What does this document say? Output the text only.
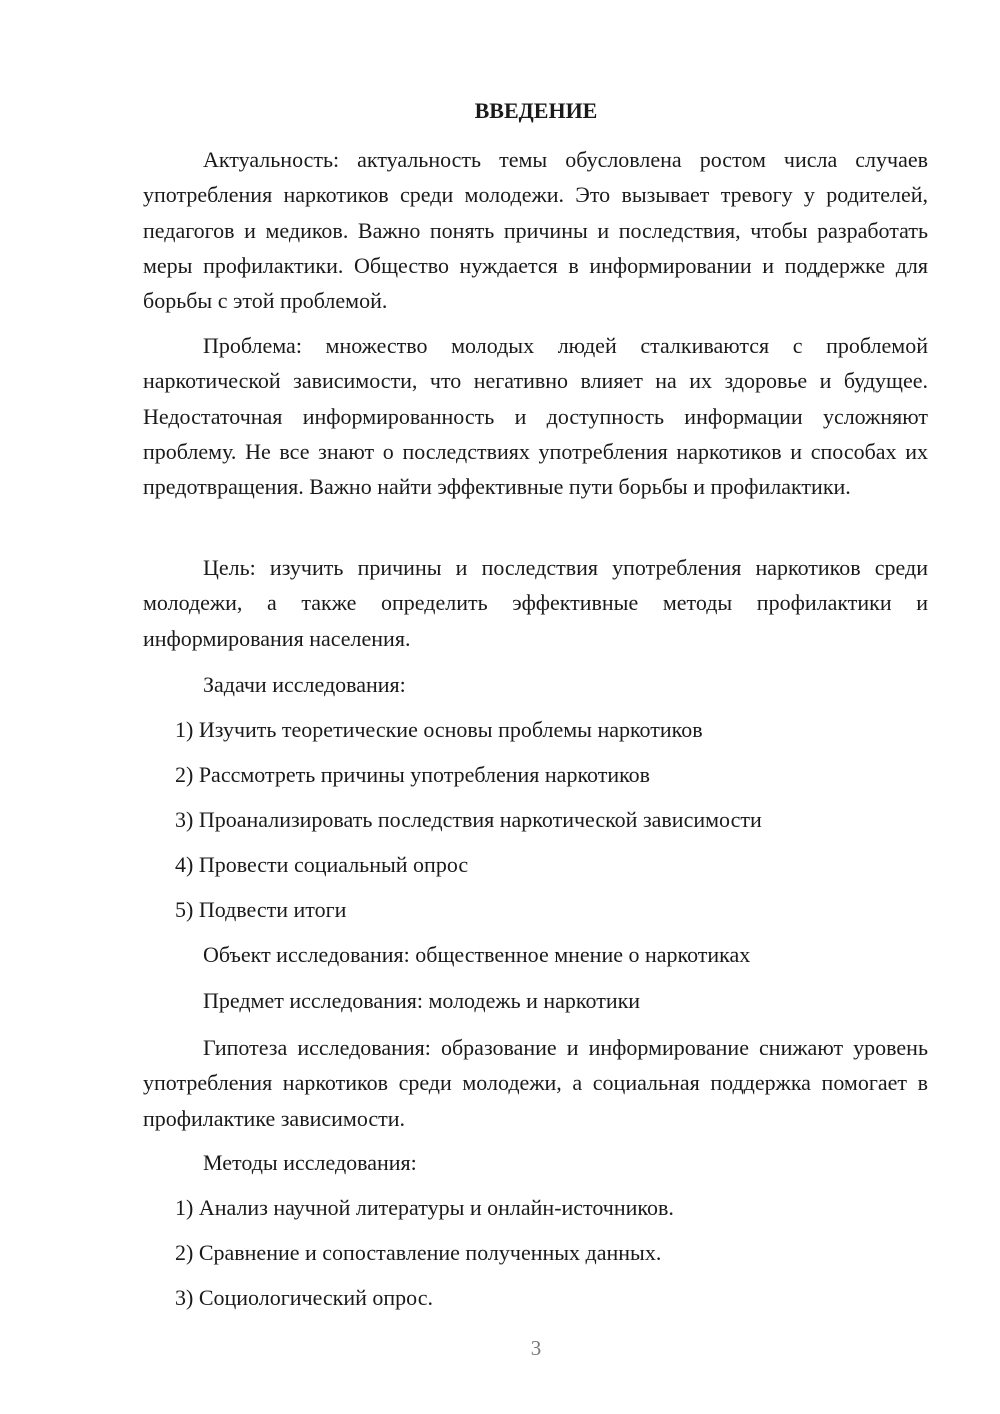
ВВЕДЕНИЕ

Актуальность: актуальность темы обусловлена ростом числа случаев употребления наркотиков среди молодежи. Это вызывает тревогу у родителей, педагогов и медиков. Важно понять причины и последствия, чтобы разработать меры профилактики. Общество нуждается в информировании и поддержке для борьбы с этой проблемой.

Проблема: множество молодых людей сталкиваются с проблемой наркотической зависимости, что негативно влияет на их здоровье и будущее. Недостаточная информированность и доступность информации усложняют проблему. Не все знают о последствиях употребления наркотиков и способах их предотвращения. Важно найти эффективные пути борьбы и профилактики.

Цель: изучить причины и последствия употребления наркотиков среди молодежи, а также определить эффективные методы профилактики и информирования населения.

Задачи исследования:

1) Изучить теоретические основы проблемы наркотиков

2) Рассмотреть причины употребления наркотиков

3) Проанализировать последствия наркотической зависимости

4) Провести социальный опрос

5) Подвести итоги

Объект исследования: общественное мнение о наркотиках

Предмет исследования: молодежь и наркотики

Гипотеза исследования: образование и информирование снижают уровень употребления наркотиков среди молодежи, а социальная поддержка помогает в профилактике зависимости.

Методы исследования:

1) Анализ научной литературы и онлайн-источников.

2) Сравнение и сопоставление полученных данных.

3) Социологический опрос.

3
